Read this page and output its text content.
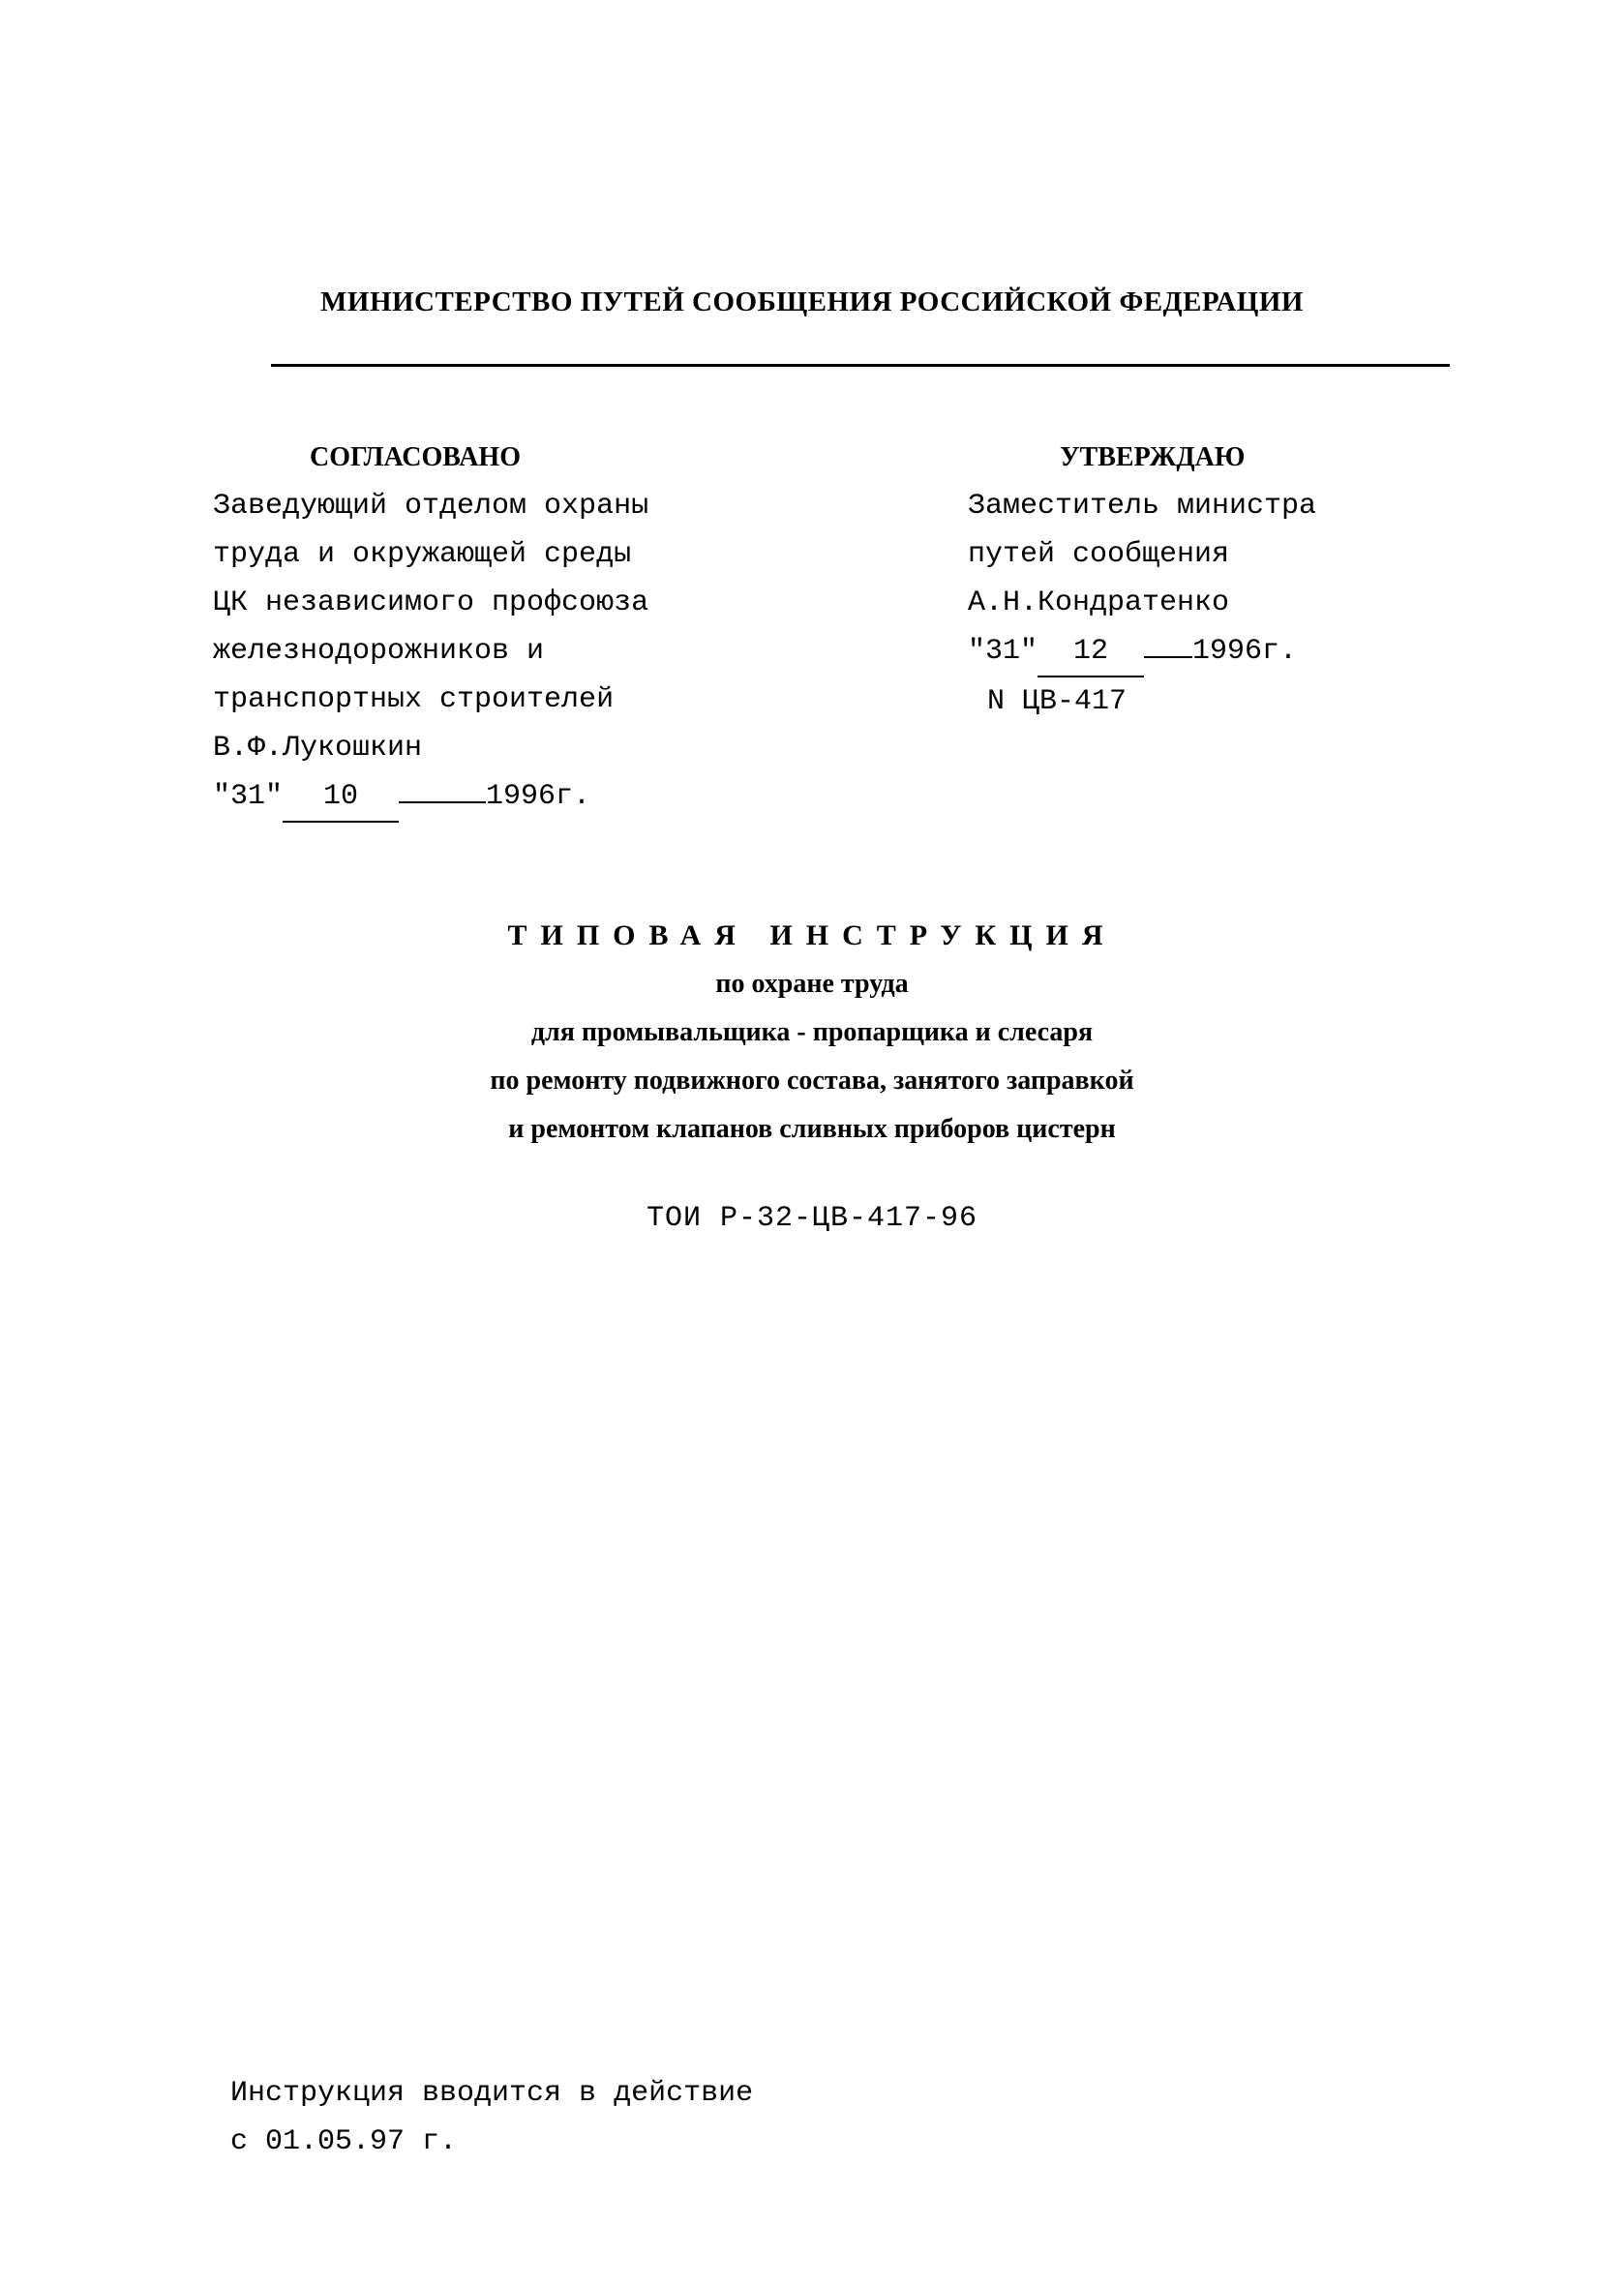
МИНИСТЕРСТВО ПУТЕЙ СООБЩЕНИЯ РОССИЙСКОЙ ФЕДЕРАЦИИ
СОГЛАСОВАНО
Заведующий отделом охраны
труда и окружающей среды
ЦК независимого профсоюза
железнодорожников и
транспортных строителей
В.Ф.Лукошкин
"31" 10	1996г.
УТВЕРЖДАЮ
Заместитель министра
путей сообщения
А.Н.Кондратенко
"31" 12	1996г.
N ЦВ-417
ТИПОВАЯ ИНСТРУКЦИЯ
по охране труда
для промывальщика - пропарщика и слесаря
по ремонту подвижного состава, занятого заправкой
и ремонтом клапанов сливных приборов цистерн
ТОИ Р-32-ЦВ-417-96
Инструкция вводится в действие
с 01.05.97 г.
